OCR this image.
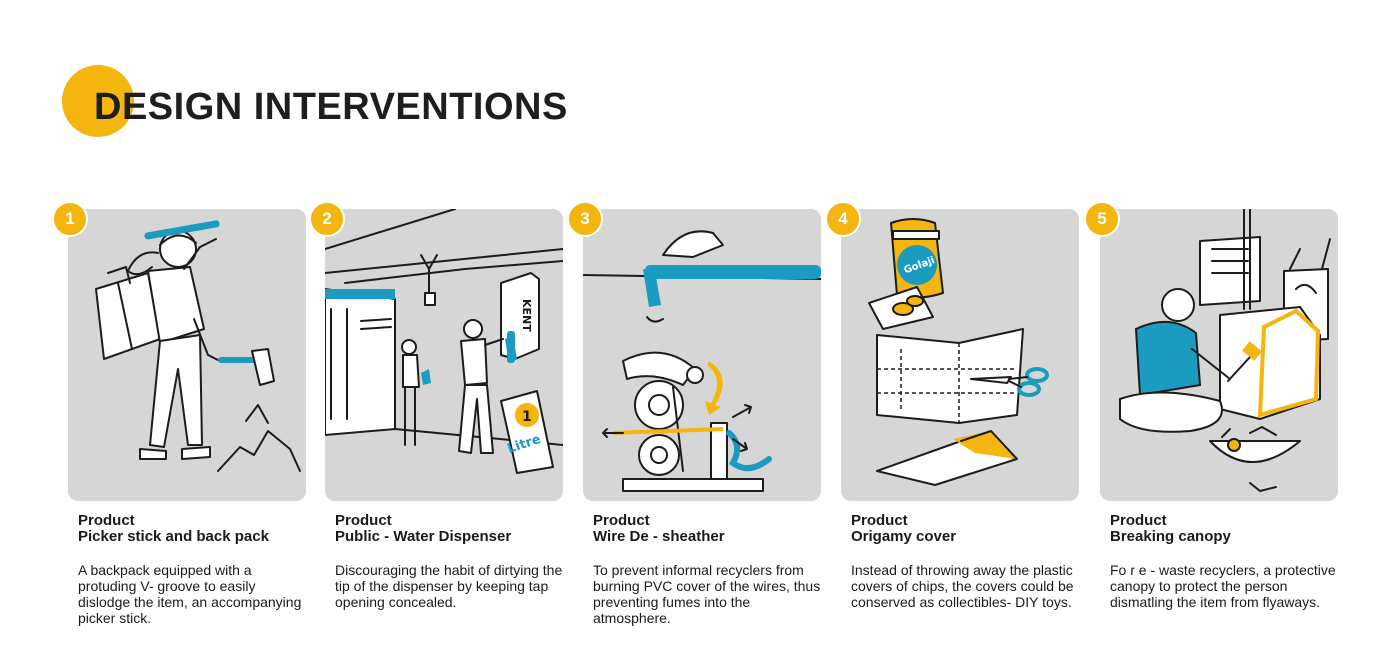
DESIGN INTERVENTIONS
1
Product
Picker stick and back pack

A backpack equipped with a protuding V- groove to easily dislodge the item, an accompanying picker stick.

KENT
1
Litre
2
Product
Public - Water Dispenser

Discouraging the habit of dirtying the tip of the dispenser by keeping tap opening concealed.

3
Product
Wire De - sheather

To prevent informal recyclers from burning PVC cover of the wires, thus preventing fumes into the atmosphere.

Golaji
4
Product
Origamy cover

Instead of throwing away the plastic covers of chips, the covers could be conserved as collectibles- DIY toys.

5
Product
Breaking canopy

Fo r e - waste recyclers, a protective canopy to protect the person dismatling the item from flyaways.
